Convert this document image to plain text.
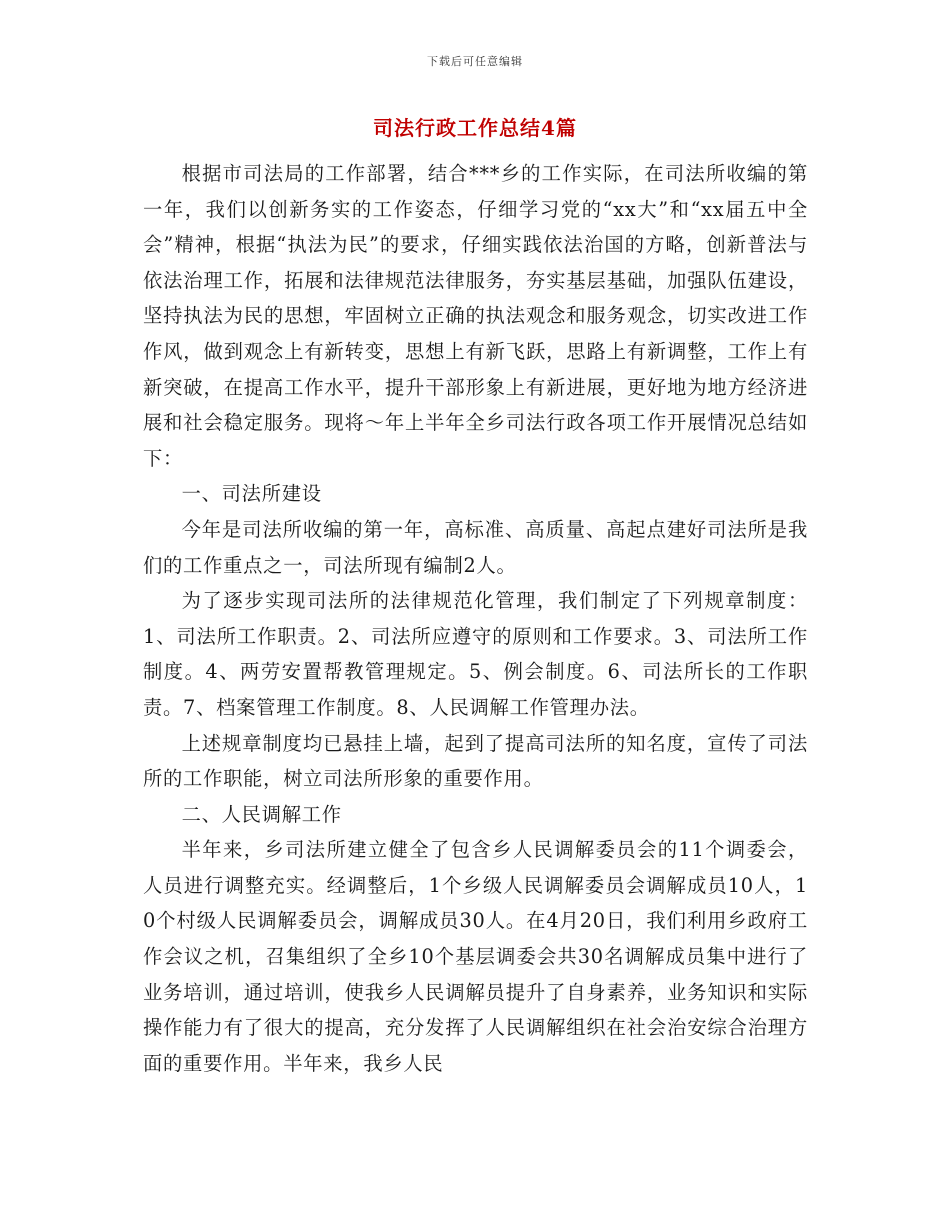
下载后可任意编辑
司法行政工作总结4篇

根据市司法局的工作部署，结合***乡的工作实际，在司法所收编的第一年，我们以创新务实的工作姿态，仔细学习党的“xx大”和“xx届五中全会”精神，根据“执法为民”的要求，仔细实践依法治国的方略，创新普法与依法治理工作，拓展和法律规范法律服务，夯实基层基础，加强队伍建设，坚持执法为民的思想，牢固树立正确的执法观念和服务观念，切实改进工作作风，做到观念上有新转变，思想上有新飞跃，思路上有新调整，工作上有新突破，在提高工作水平，提升干部形象上有新进展，更好地为地方经济进展和社会稳定服务。现将～年上半年全乡司法行政各项工作开展情况总结如下：

一、司法所建设

今年是司法所收编的第一年，高标准、高质量、高起点建好司法所是我们的工作重点之一，司法所现有编制2人。

为了逐步实现司法所的法律规范化管理，我们制定了下列规章制度：1、司法所工作职责。2、司法所应遵守的原则和工作要求。3、司法所工作制度。4、两劳安置帮教管理规定。5、例会制度。6、司法所长的工作职责。7、档案管理工作制度。8、人民调解工作管理办法。

上述规章制度均已悬挂上墙，起到了提高司法所的知名度，宣传了司法所的工作职能，树立司法所形象的重要作用。

二、人民调解工作

半年来，乡司法所建立健全了包含乡人民调解委员会的11个调委会，人员进行调整充实。经调整后，1个乡级人民调解委员会调解成员10人，10个村级人民调解委员会，调解成员30人。在4月20日，我们利用乡政府工作会议之机，召集组织了全乡10个基层调委会共30名调解成员集中进行了业务培训，通过培训，使我乡人民调解员提升了自身素养，业务知识和实际操作能力有了很大的提高，充分发挥了人民调解组织在社会治安综合治理方面的重要作用。半年来，我乡人民
